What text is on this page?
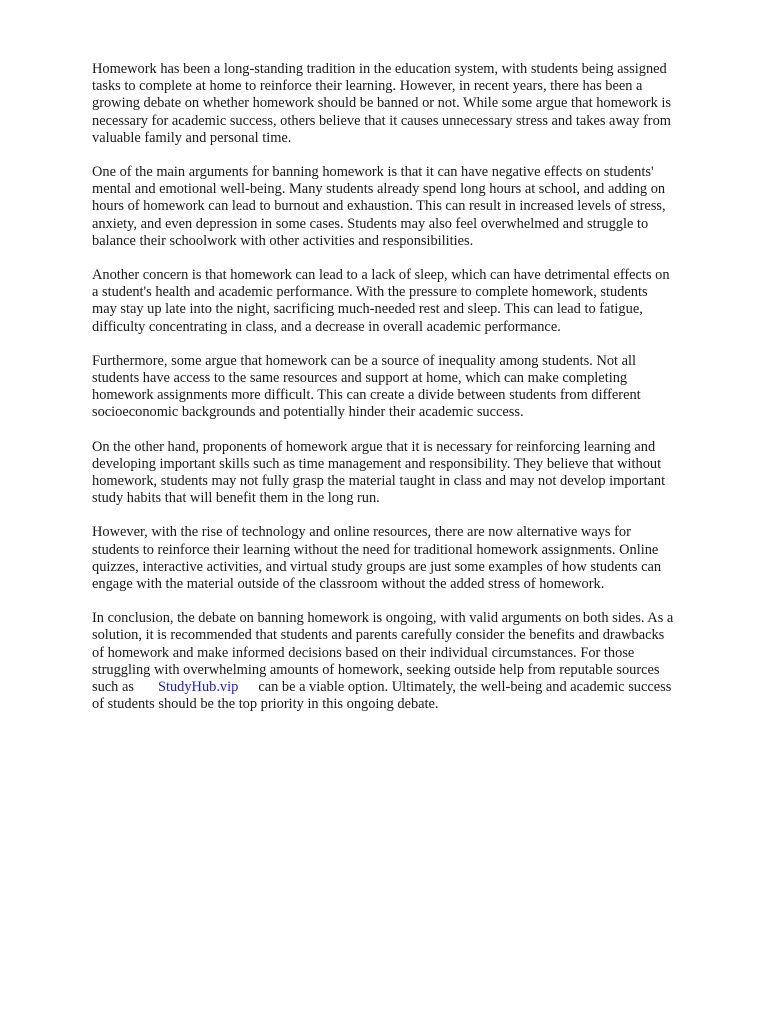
Homework has been a long-standing tradition in the education system, with students being assigned
tasks to complete at home to reinforce their learning. However, in recent years, there has been a
growing debate on whether homework should be banned or not. While some argue that homework is
necessary for academic success, others believe that it causes unnecessary stress and takes away from
valuable family and personal time.

One of the main arguments for banning homework is that it can have negative effects on students'
mental and emotional well-being. Many students already spend long hours at school, and adding on
hours of homework can lead to burnout and exhaustion. This can result in increased levels of stress,
anxiety, and even depression in some cases. Students may also feel overwhelmed and struggle to
balance their schoolwork with other activities and responsibilities.

Another concern is that homework can lead to a lack of sleep, which can have detrimental effects on
a student's health and academic performance. With the pressure to complete homework, students
may stay up late into the night, sacrificing much-needed rest and sleep. This can lead to fatigue,
difficulty concentrating in class, and a decrease in overall academic performance.

Furthermore, some argue that homework can be a source of inequality among students. Not all
students have access to the same resources and support at home, which can make completing
homework assignments more difficult. This can create a divide between students from different
socioeconomic backgrounds and potentially hinder their academic success.

On the other hand, proponents of homework argue that it is necessary for reinforcing learning and
developing important skills such as time management and responsibility. They believe that without
homework, students may not fully grasp the material taught in class and may not develop important
study habits that will benefit them in the long run.

However, with the rise of technology and online resources, there are now alternative ways for
students to reinforce their learning without the need for traditional homework assignments. Online
quizzes, interactive activities, and virtual study groups are just some examples of how students can
engage with the material outside of the classroom without the added stress of homework.

In conclusion, the debate on banning homework is ongoing, with valid arguments on both sides. As a
solution, it is recommended that students and parents carefully consider the benefits and drawbacks
of homework and make informed decisions based on their individual circumstances. For those
struggling with overwhelming amounts of homework, seeking outside help from reputable sources
such as StudyHub.vip can be a viable option. Ultimately, the well-being and academic success
of students should be the top priority in this ongoing debate.
